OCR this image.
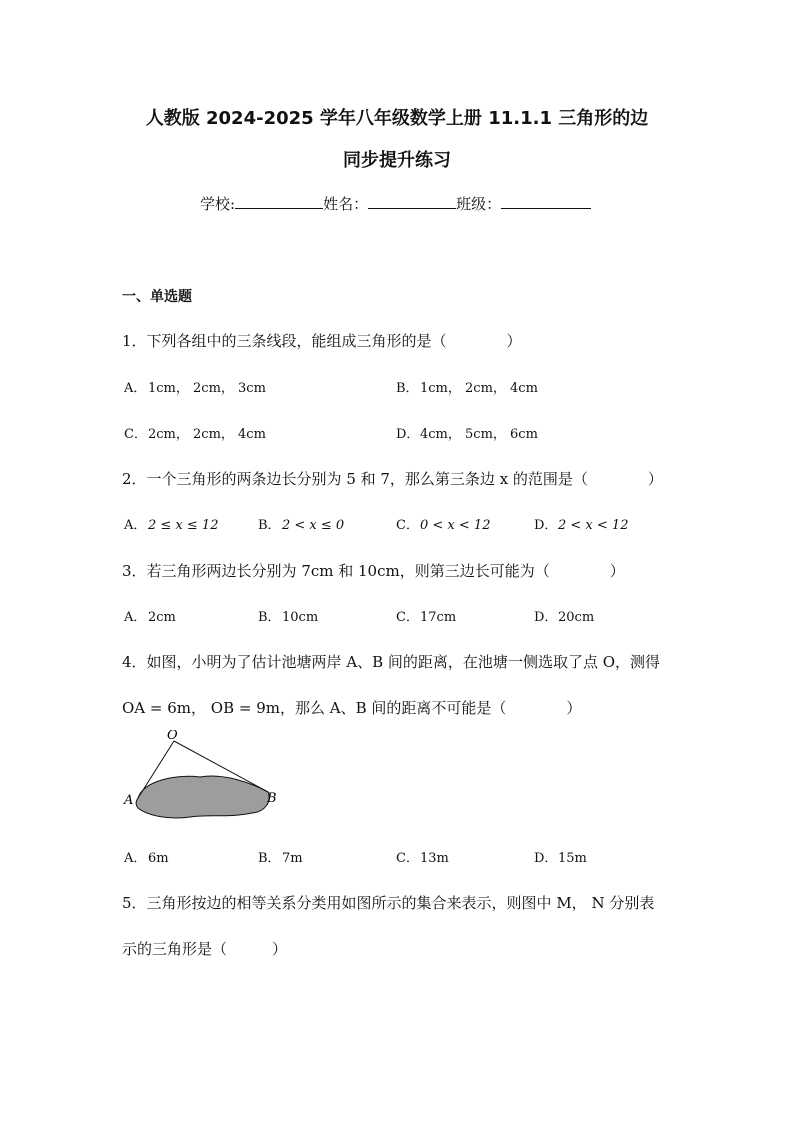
人教版 2024-2025 学年八年级数学上册 11.1.1 三角形的边
同步提升练习
学校:	姓名：	班级：
一、单选题
1．下列各组中的三条线段，能组成三角形的是（　　　　）
A． 1cm， 2cm， 3cm	B．1cm， 2cm， 4cm
C．2cm， 2cm， 4cm	D．4cm， 5cm， 6cm
2．一个三角形的两条边长分别为 5 和 7，那么第三条边 x 的范围是（　　　　）
A． 2 ≤ x ≤ 12	B．2 < x ≤ 0	C．0 < x < 12	D．2 < x < 12
3．若三角形两边长分别为 7cm 和 10cm，则第三边长可能为（　　　　）
A． 2cm	B．10cm	C．17cm	D．20cm
4．如图，小明为了估计池塘两岸 A、B 间的距离，在池塘一侧选取了点 O，测得
OA = 6m， OB = 9m，那么 A、B 间的距离不可能是（　　　　）
O
A	B
A． 6m	B．7m	C．13m	D．15m
5．三角形按边的相等关系分类用如图所示的集合来表示，则图中 M， N 分别表
示的三角形是（　　　）
